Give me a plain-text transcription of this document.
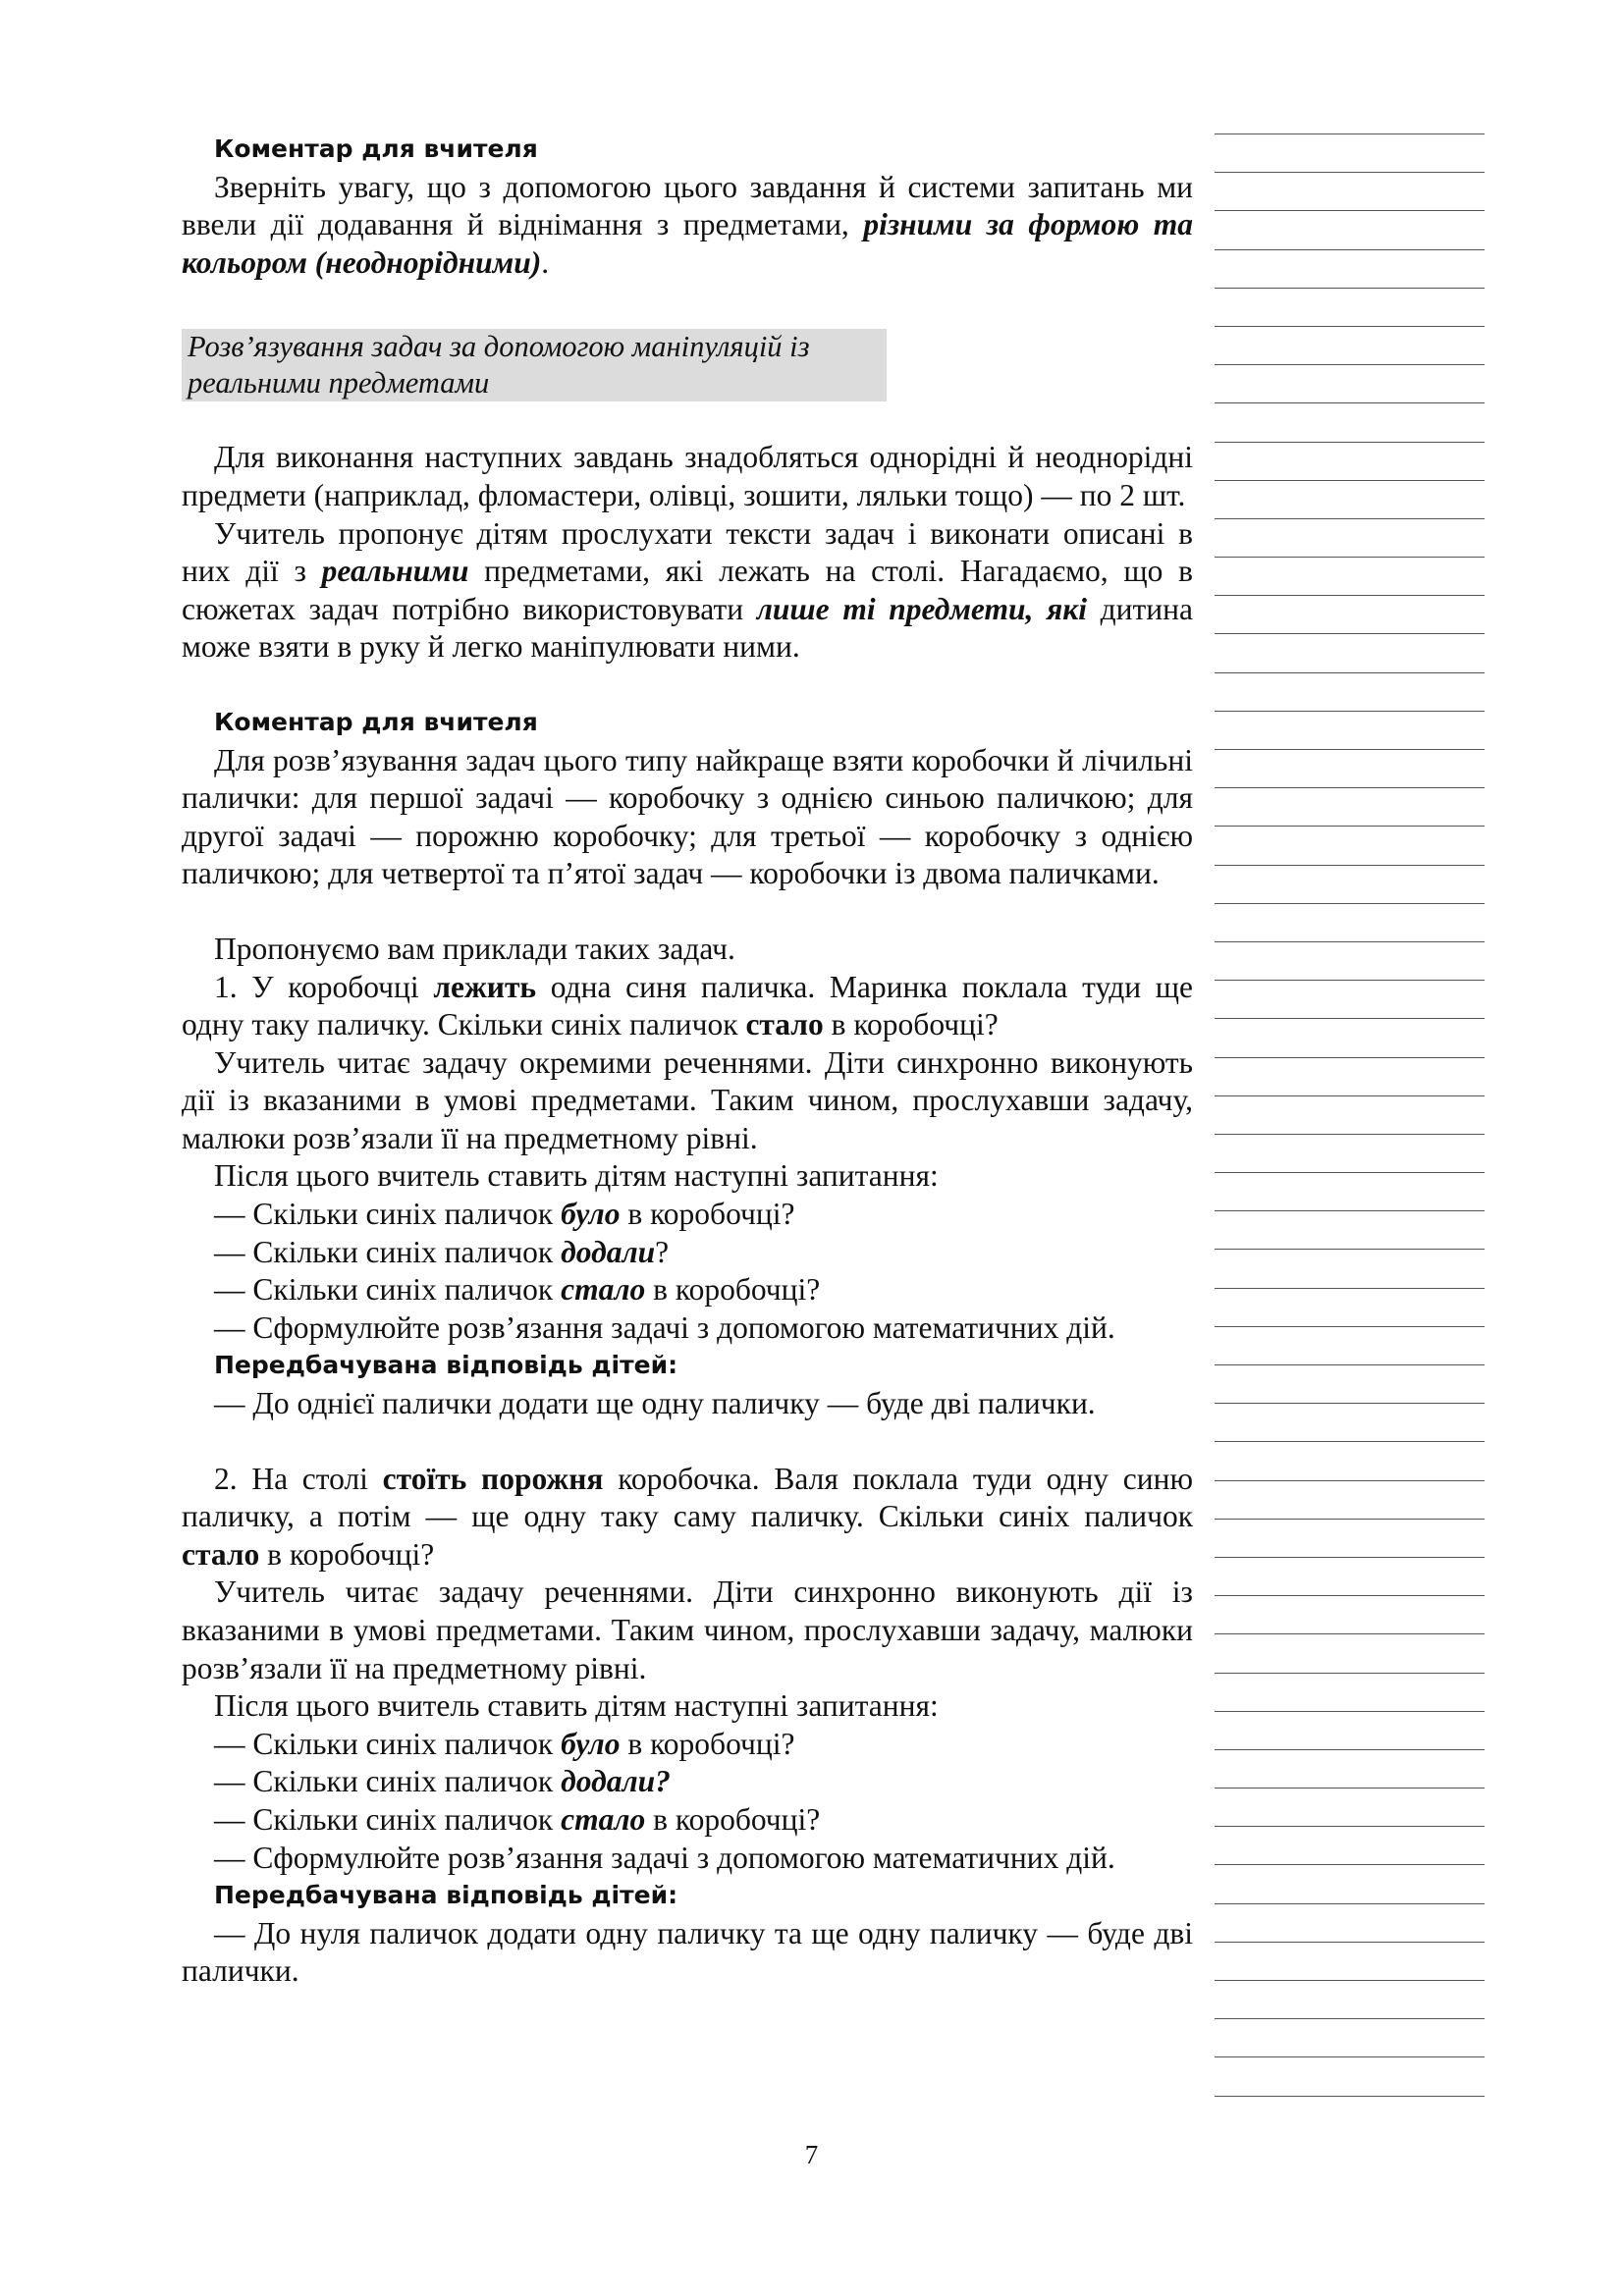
Коментар для вчителя

Зверніть увагу, що з допомогою цього завдання й системи запитань ми ввели дії додавання й віднімання з предметами, різними за формою та кольором (неоднорідними).

Розв’язування задач за допомогою маніпуляцій із реальними предметами

Для виконання наступних завдань знадобляться однорідні й неоднорідні предмети (наприклад, фломастери, олівці, зошити, ляльки тощо) — по 2 шт.

Учитель пропонує дітям прослухати тексти задач і виконати описані в них дії з реальними предметами, які лежать на столі. Нагадаємо, що в сюжетах задач потрібно використовувати лише ті предмети, які дитина може взяти в руку й легко маніпулювати ними.

Коментар для вчителя

Для розв’язування задач цього типу найкраще взяти коробочки й лічильні палички: для першої задачі — коробочку з однією синьою паличкою; для другої задачі — порожню коробочку; для третьої — коробочку з однією паличкою; для четвертої та п’ятої задач — коробочки із двома паличками.

Пропонуємо вам приклади таких задач.

1. У коробочці лежить одна синя паличка. Маринка поклала туди ще одну таку паличку. Скільки синіх паличок стало в коробочці?

Учитель читає задачу окремими реченнями. Діти синхронно виконують дії із вказаними в умові предметами. Таким чином, прослухавши задачу, малюки розв’язали її на предметному рівні.

Після цього вчитель ставить дітям наступні запитання:

— Скільки синіх паличок було в коробочці?

— Скільки синіх паличок додали?

— Скільки синіх паличок стало в коробочці?

— Сформулюйте розв’язання задачі з допомогою математичних дій.

Передбачувана відповідь дітей:

— До однієї палички додати ще одну паличку — буде дві палички.

2. На столі стоїть порожня коробочка. Валя поклала туди одну синю паличку, а потім — ще одну таку саму паличку. Скільки синіх паличок стало в коробочці?

Учитель читає задачу реченнями. Діти синхронно виконують дії із вказаними в умові предметами. Таким чином, прослухавши задачу, малюки розв’язали її на предметному рівні.

Після цього вчитель ставить дітям наступні запитання:

— Скільки синіх паличок було в коробочці?

— Скільки синіх паличок додали?

— Скільки синіх паличок стало в коробочці?

— Сформулюйте розв’язання задачі з допомогою математичних дій.

Передбачувана відповідь дітей:

— До нуля паличок додати одну паличку та ще одну паличку — буде дві палички.

7
